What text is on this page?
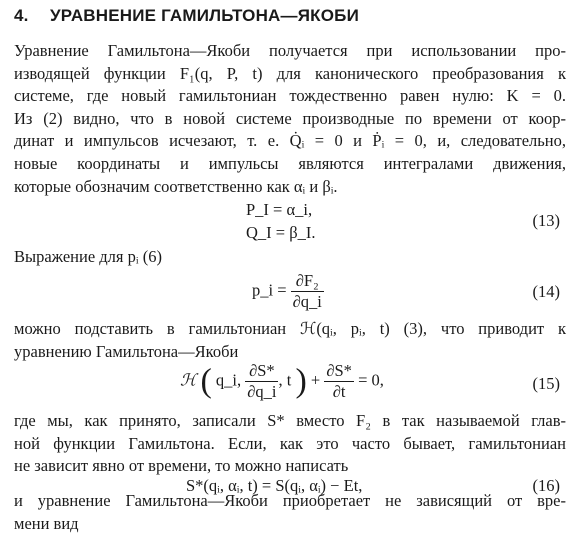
4. УРАВНЕНИЕ ГАМИЛЬТОНА—ЯКОБИ

Уравнение Гамильтона—Якоби получается при использовании про-
изводящей функции F₁(q, P, t) для канонического преобразования к
системе, где новый гамильтониан тождественно равен нулю: K = 0.
Из (2) видно, что в новой системе производные по времени от коор-
динат и импульсов исчезают, т. е. Q̇ᵢ = 0 и Ṗᵢ = 0, и, следовательно,
новые координаты и импульсы являются интегралами движения,
которые обозначим соответственно как αᵢ и βᵢ.

P_I = α_i,
Q_I = β_I.
(13)

Выражение для pᵢ (6)

p_i = $\frac{\text{∂F₂}}{\partial q\_i}$	(14)

можно подставить в гамильтониан ℋ(qᵢ, pᵢ, t) (3), что приводит к
уравнению Гамильтона—Якоби

ℋ ( q_i, $\frac{\partial S*}{\partial q\_i}$ , t ) + $\frac{\partial S*}{\partial t} = 0$,	(15)

где мы, как принято, записали S* вместо F₂ в так называемой глав-
ной функции Гамильтона. Если, как это часто бывает, гамильтониан
не зависит явно от времени, то можно написать

S*(qᵢ, αᵢ, t) = S(qᵢ, αᵢ) − Et,	(16)

и уравнение Гамильтона—Якоби приобретает не зависящий от вре-
мени вид
